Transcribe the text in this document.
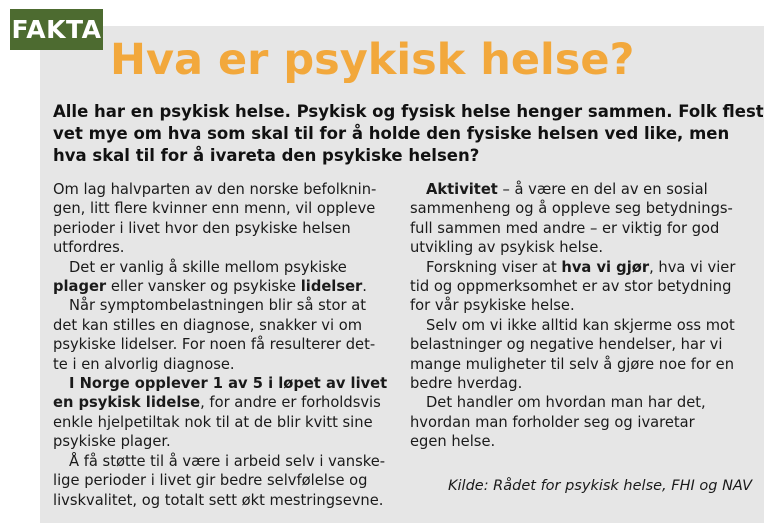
FAKTA
Hva er psykisk helse?

Alle har en psykisk helse. Psykisk og fysisk helse henger sammen. Folk flest vet mye om hva som skal til for å holde den fysiske helsen ved like, men hva skal til for å ivareta den psykiske helsen?

Om lag halvparten av den norske befolknin-
gen, litt flere kvinner enn menn, vil oppleve
perioder i livet hvor den psykiske helsen
utfordres.

Det er vanlig å skille mellom psykiske
plager eller vansker og psykiske lidelser.

Når symptombelastningen blir så stor at
det kan stilles en diagnose, snakker vi om
psykiske lidelser. For noen få resulterer det-
te i en alvorlig diagnose.

I Norge opplever 1 av 5 i løpet av livet
en psykisk lidelse, for andre er forholdsvis
enkle hjelpetiltak nok til at de blir kvitt sine
psykiske plager.

Å få støtte til å være i arbeid selv i vanske-
lige perioder i livet gir bedre selvfølelse og
livskvalitet, og totalt sett økt mestringsevne.

Aktivitet – å være en del av en sosial
sammenheng og å oppleve seg betydnings-
full sammen med andre – er viktig for god
utvikling av psykisk helse.

Forskning viser at hva vi gjør, hva vi vier
tid og oppmerksomhet er av stor betydning
for vår psykiske helse.

Selv om vi ikke alltid kan skjerme oss mot
belastninger og negative hendelser, har vi
mange muligheter til selv å gjøre noe for en
bedre hverdag.

Det handler om hvordan man har det,
hvordan man forholder seg og ivaretar
egen helse.

Kilde: Rådet for psykisk helse, FHI og NAV
